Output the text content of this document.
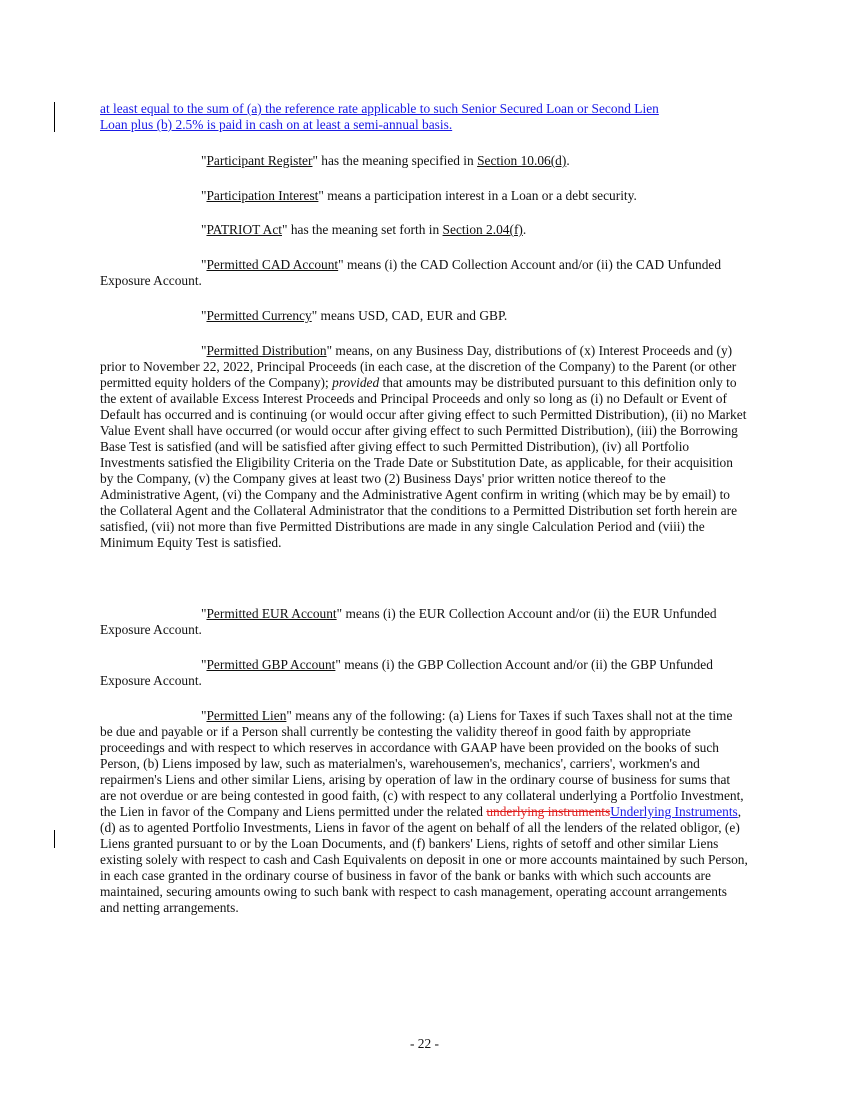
at least equal to the sum of (a) the reference rate applicable to such Senior Secured Loan or Second Lien
Loan plus (b) 2.5% is paid in cash on at least a semi-annual basis.

"Participant Register" has the meaning specified in Section 10.06(d).

"Participation Interest" means a participation interest in a Loan or a debt security.

"PATRIOT Act" has the meaning set forth in Section 2.04(f).

"Permitted CAD Account" means (i) the CAD Collection Account and/or (ii) the CAD Unfunded Exposure Account.

"Permitted Currency" means USD, CAD, EUR and GBP.

"Permitted Distribution" means, on any Business Day, distributions of (x) Interest Proceeds and (y) prior to November 22, 2022, Principal Proceeds (in each case, at the discretion of the Company) to the Parent (or other permitted equity holders of the Company); provided that amounts may be distributed pursuant to this definition only to the extent of available Excess Interest Proceeds and Principal Proceeds and only so long as (i) no Default or Event of Default has occurred and is continuing (or would occur after giving effect to such Permitted Distribution), (ii) no Market Value Event shall have occurred (or would occur after giving effect to such Permitted Distribution), (iii) the Borrowing Base Test is satisfied (and will be satisfied after giving effect to such Permitted Distribution), (iv) all Portfolio Investments satisfied the Eligibility Criteria on the Trade Date or Substitution Date, as applicable, for their acquisition by the Company, (v) the Company gives at least two (2) Business Days' prior written notice thereof to the Administrative Agent, (vi) the Company and the Administrative Agent confirm in writing (which may be by email) to the Collateral Agent and the Collateral Administrator that the conditions to a Permitted Distribution set forth herein are satisfied, (vii) not more than five Permitted Distributions are made in any single Calculation Period and (viii) the Minimum Equity Test is satisfied.

"Permitted EUR Account" means (i) the EUR Collection Account and/or (ii) the EUR Unfunded Exposure Account.

"Permitted GBP Account" means (i) the GBP Collection Account and/or (ii) the GBP Unfunded Exposure Account.

"Permitted Lien" means any of the following: (a) Liens for Taxes if such Taxes shall not at the time be due and payable or if a Person shall currently be contesting the validity thereof in good faith by appropriate proceedings and with respect to which reserves in accordance with GAAP have been provided on the books of such Person, (b) Liens imposed by law, such as materialmen's, warehousemen's, mechanics', carriers', workmen's and repairmen's Liens and other similar Liens, arising by operation of law in the ordinary course of business for sums that are not overdue or are being contested in good faith, (c) with respect to any collateral underlying a Portfolio Investment, the Lien in favor of the Company and Liens permitted under the related underlying instrumentsUnderlying Instruments, (d) as to agented Portfolio Investments, Liens in favor of the agent on behalf of all the lenders of the related obligor, (e) Liens granted pursuant to or by the Loan Documents, and (f) bankers' Liens, rights of setoff and other similar Liens existing solely with respect to cash and Cash Equivalents on deposit in one or more accounts maintained by such Person, in each case granted in the ordinary course of business in favor of the bank or banks with which such accounts are maintained, securing amounts owing to such bank with respect to cash management, operating account arrangements and netting arrangements.

- 22 -
